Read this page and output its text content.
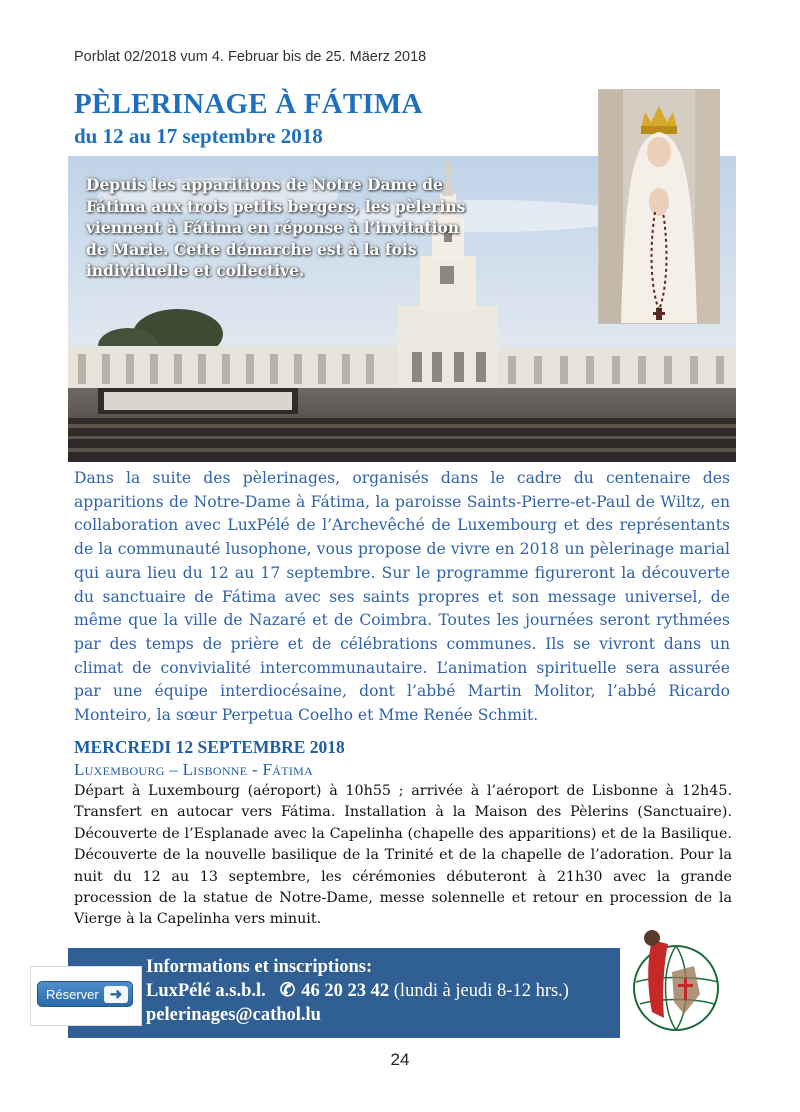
Porblat 02/2018 vum 4. Februar bis de 25. Mäerz 2018
PÈLERINAGE À FÁTIMA
du 12 au 17 septembre 2018
Depuis les apparitions de Notre Dame de Fátima aux trois petits bergers, les pèlerins viennent à Fátima en réponse à l’invitation de Marie. Cette démarche est à la fois individuelle et collective.

Dans la suite des pèlerinages, organisés dans le cadre du centenaire des apparitions de Notre-Dame à Fátima, la paroisse Saints-Pierre-et-Paul de Wiltz, en collaboration avec LuxPélé de l’Archevêché de Luxembourg et des représentants de la communauté lusophone, vous propose de vivre en 2018 un pèlerinage marial qui aura lieu du 12 au 17 septembre. Sur le programme figureront la découverte du sanctuaire de Fátima avec ses saints propres et son message universel, de même que la ville de Nazaré et de Coimbra. Toutes les journées seront rythmées par des temps de prière et de célébrations communes. Ils se vivront dans un climat de convivialité intercommunautaire. L’animation spirituelle sera assurée par une équipe interdiocésaine, dont l’abbé Martin Molitor, l’abbé Ricardo Monteiro, la sœur Perpetua Coelho et Mme Renée Schmit.

MERCREDI 12 SEPTEMBRE 2018
Luxembourg – Lisbonne - Fátima

Départ à Luxembourg (aéroport) à 10h55 ; arrivée à l’aéroport de Lisbonne à 12h45. Transfert en autocar vers Fátima. Installation à la Maison des Pèlerins (Sanctuaire). Découverte de l’Esplanade avec la Capelinha (chapelle des apparitions) et de la Basilique. Découverte de la nouvelle basilique de la Trinité et de la chapelle de l’adoration. Pour la nuit du 12 au 13 septembre, les cérémonies débuteront à 21h30 avec la grande procession de la statue de Notre-Dame, messe solennelle et retour en procession de la Vierge à la Capelinha vers minuit.

Informations et inscriptions:
LuxPélé a.s.b.l. ✆ 46 20 23 42 (lundi à jeudi 8-12 hrs.)
pelerinages@cathol.lu
Réserver ➜
24
